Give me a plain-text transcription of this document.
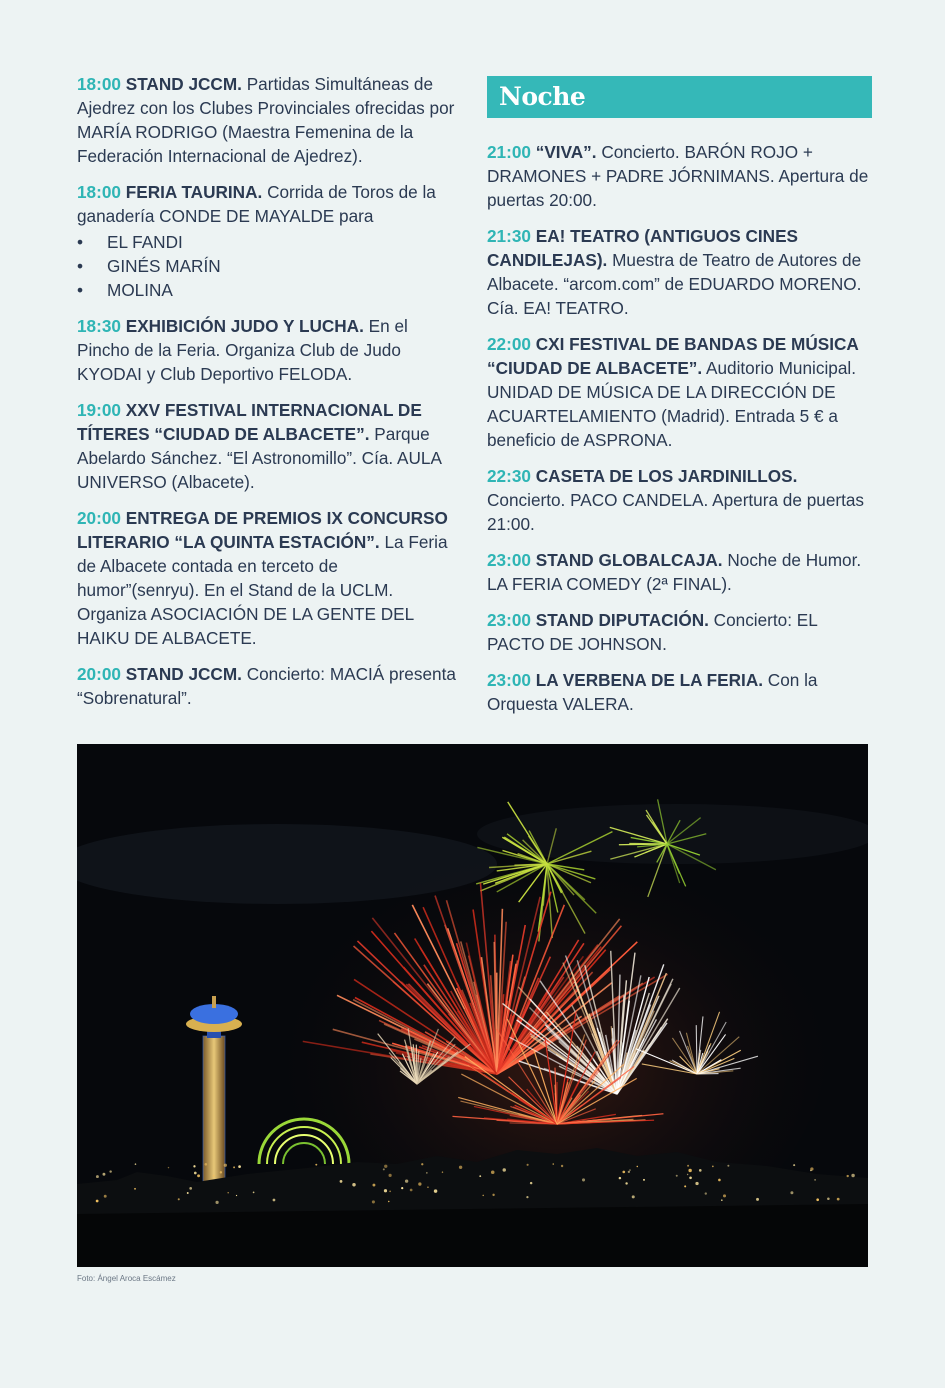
18:00 STAND JCCM. Partidas Simultáneas de Ajedrez con los Clubes Provinciales ofrecidas por MARÍA RODRIGO (Maestra Femenina de la Federación Internacional de Ajedrez).
18:00 FERIA TAURINA. Corrida de Toros de la ganadería CONDE DE MAYALDE para
• EL FANDI
• GINÉS MARÍN
• MOLINA
18:30 EXHIBICIÓN JUDO Y LUCHA. En el Pincho de la Feria. Organiza Club de Judo KYODAI y Club Deportivo FELODA.
19:00 XXV FESTIVAL INTERNACIONAL DE TÍTERES “CIUDAD DE ALBACETE”. Parque Abelardo Sánchez. “El Astronomillo”. Cía. AULA UNIVERSO (Albacete).
20:00 ENTREGA DE PREMIOS IX CONCURSO LITERARIO “LA QUINTA ESTACIÓN”. La Feria de Albacete contada en terceto de humor”(senryu). En el Stand de la UCLM. Organiza ASOCIACIÓN DE LA GENTE DEL HAIKU DE ALBACETE.
20:00 STAND JCCM. Concierto: MACIÁ presenta “Sobrenatural”.
Noche
21:00 “VIVA”. Concierto. BARÓN ROJO + DRAMONES + PADRE JÓRNIMANS. Apertura de puertas 20:00.
21:30 EA! TEATRO (ANTIGUOS CINES CANDILEJAS). Muestra de Teatro de Autores de Albacete. “arcom.com” de EDUARDO MORENO. Cía. EA! TEATRO.
22:00 CXI FESTIVAL DE BANDAS DE MÚSICA “CIUDAD DE ALBACETE”. Auditorio Municipal. UNIDAD DE MÚSICA DE LA DIRECCIÓN DE ACUARTELAMIENTO (Madrid). Entrada 5 € a beneficio de ASPRONA.
22:30 CASETA DE LOS JARDINILLOS. Concierto. PACO CANDELA. Apertura de puertas 21:00.
23:00 STAND GLOBALCAJA. Noche de Humor. LA FERIA COMEDY (2ª FINAL).
23:00 STAND DIPUTACIÓN. Concierto: EL PACTO DE JOHNSON.
23:00 LA VERBENA DE LA FERIA. Con la Orquesta VALERA.
Foto: Ángel Aroca Escámez
